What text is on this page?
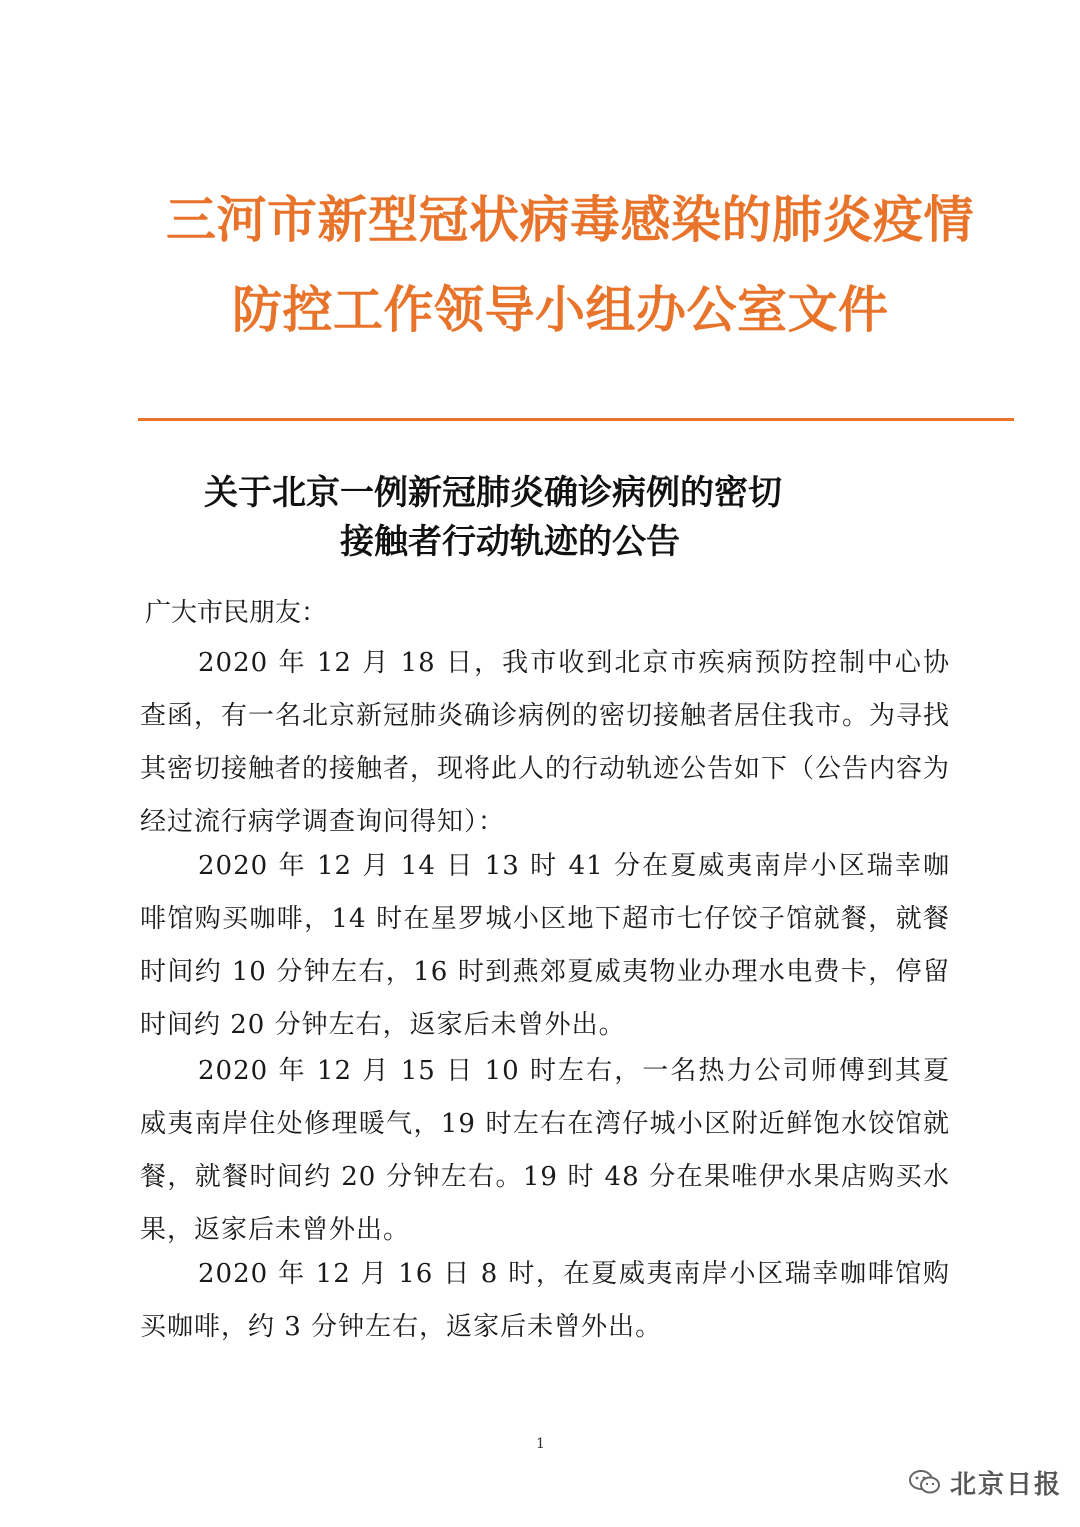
三河市新型冠状病毒感染的肺炎疫情
防控工作领导小组办公室文件
关于北京一例新冠肺炎确诊病例的密切
接触者行动轨迹的公告
广大市民朋友：
2020 年 12 月 18 日，我市收到北京市疾病预防控制中心协查函，有一名北京新冠肺炎确诊病例的密切接触者居住我市。为寻找其密切接触者的接触者，现将此人的行动轨迹公告如下（公告内容为经过流行病学调查询问得知）：
2020 年 12 月 14 日 13 时 41 分在夏威夷南岸小区瑞幸咖啡馆购买咖啡，14 时在星罗城小区地下超市七仔饺子馆就餐，就餐时间约 10 分钟左右，16 时到燕郊夏威夷物业办理水电费卡，停留时间约 20 分钟左右，返家后未曾外出。
2020 年 12 月 15 日 10 时左右，一名热力公司师傅到其夏威夷南岸住处修理暖气，19 时左右在湾仔城小区附近鲜饱水饺馆就餐，就餐时间约 20 分钟左右。19 时 48 分在果唯伊水果店购买水果，返家后未曾外出。
2020 年 12 月 16 日 8 时，在夏威夷南岸小区瑞幸咖啡馆购买咖啡，约 3 分钟左右，返家后未曾外出。
1
北京日报
